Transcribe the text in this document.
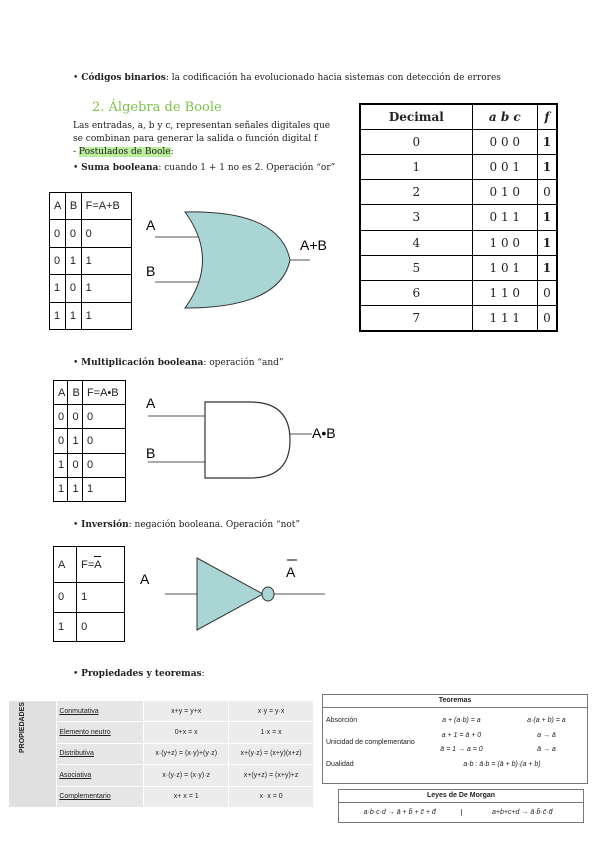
• Códigos binarios: la codificación ha evolucionado hacia sistemas con detección de errores
2. Álgebra de Boole
Las entradas, a, b y c, representan señales digitales que
se combinan para generar la salida o función digital f
- Postulados de Boole:
• Suma booleana: cuando 1 + 1 no es 2. Operación “or”
Decimal	a b c	f
0	0 0 0	1
1	0 0 1	1
2	0 1 0	0
3	0 1 1	1
4	1 0 0	1
5	1 0 1	1
6	1 1 0	0
7	1 1 1	0
A	B	F=A+B
0	0	0
0	1	1
1	0	1
1	1	1
A
B
A+B
• Multiplicación booleana: operación “and”
A	B	F=A•B
0	0	0
0	1	0
1	0	0
1	1	1
A
B
A•B
• Inversión: negación booleana. Operación “not”
A	F=A

0	1
1	0
A	A
• Propiedades y teoremas:
PROPIEDADES	Conmutativa	x+y = y+x	x·y = y·x
	Elemento neutro	0+x = x	1·x = x
	Distributiva	x·(y+z) = (x·y)+(y·z)	x+(y·z) = (x+y)(x+z)
	Asociativa	x·(y·z) = (x·y)·z	x+(y+z) = (x+y)+z
	Complementario	x+ x = 1	x· x = 0
Teoremas
Absorción	a + (a·b) = a	a·(a + b) = a
Unicidad de complementario	a + 1 = ā + 0	a → ā
	ā = 1 → a = 0	ā → a
Dualidad	a·b : ā·b = (ā + b)·(a + b)	
Leyes de De Morgan
a·b·c·d → ā + b̄ + c̄ + d̄	a+b+c+d → ā·b̄·c̄·d̄
